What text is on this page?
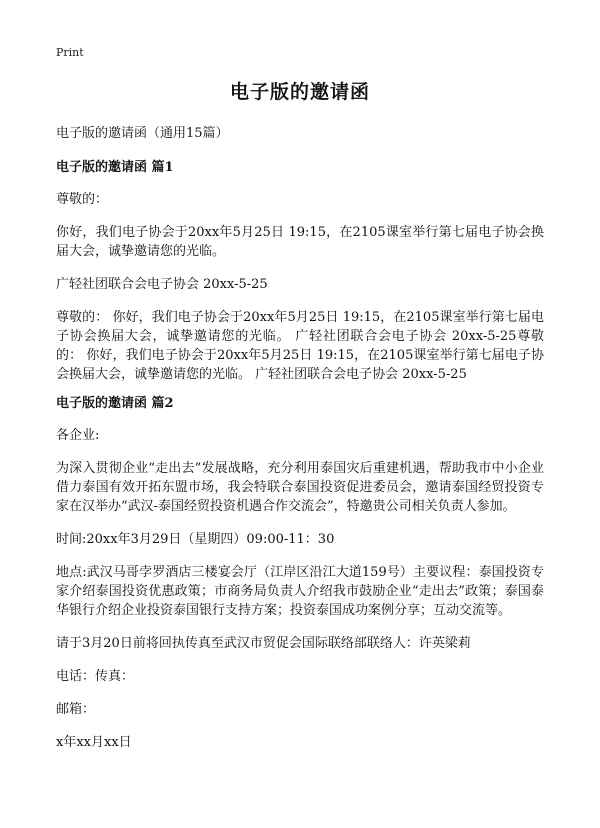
Print
电子版的邀请函
电子版的邀请函（通用15篇）
电子版的邀请函 篇1
尊敬的：
你好，我们电子协会于20xx年5月25日 19:15，在2105课室举行第七届电子协会换届大会，诚挚邀请您的光临。
广轻社团联合会电子协会 20xx-5-25
尊敬的： 你好，我们电子协会于20xx年5月25日 19:15，在2105课室举行第七届电子协会换届大会，诚挚邀请您的光临。 广轻社团联合会电子协会 20xx-5-25尊敬的： 你好，我们电子协会于20xx年5月25日 19:15，在2105课室举行第七届电子协会换届大会，诚挚邀请您的光临。 广轻社团联合会电子协会 20xx-5-25
电子版的邀请函 篇2
各企业:
为深入贯彻企业“走出去”发展战略，充分利用泰国灾后重建机遇，帮助我市中小企业借力泰国有效开拓东盟市场，我会特联合泰国投资促进委员会，邀请泰国经贸投资专家在汉举办“武汉-泰国经贸投资机遇合作交流会”，特邀贵公司相关负责人参加。
时间:20xx年3月29日（星期四）09:00-11：30
地点:武汉马哥孛罗酒店三楼宴会厅（江岸区沿江大道159号）主要议程：泰国投资专家介绍泰国投资优惠政策；市商务局负责人介绍我市鼓励企业“走出去”政策；泰国泰华银行介绍企业投资泰国银行支持方案；投资泰国成功案例分享；互动交流等。
请于3月20日前将回执传真至武汉市贸促会国际联络部联络人：许英梁莉
电话：传真：
邮箱：
x年xx月xx日
